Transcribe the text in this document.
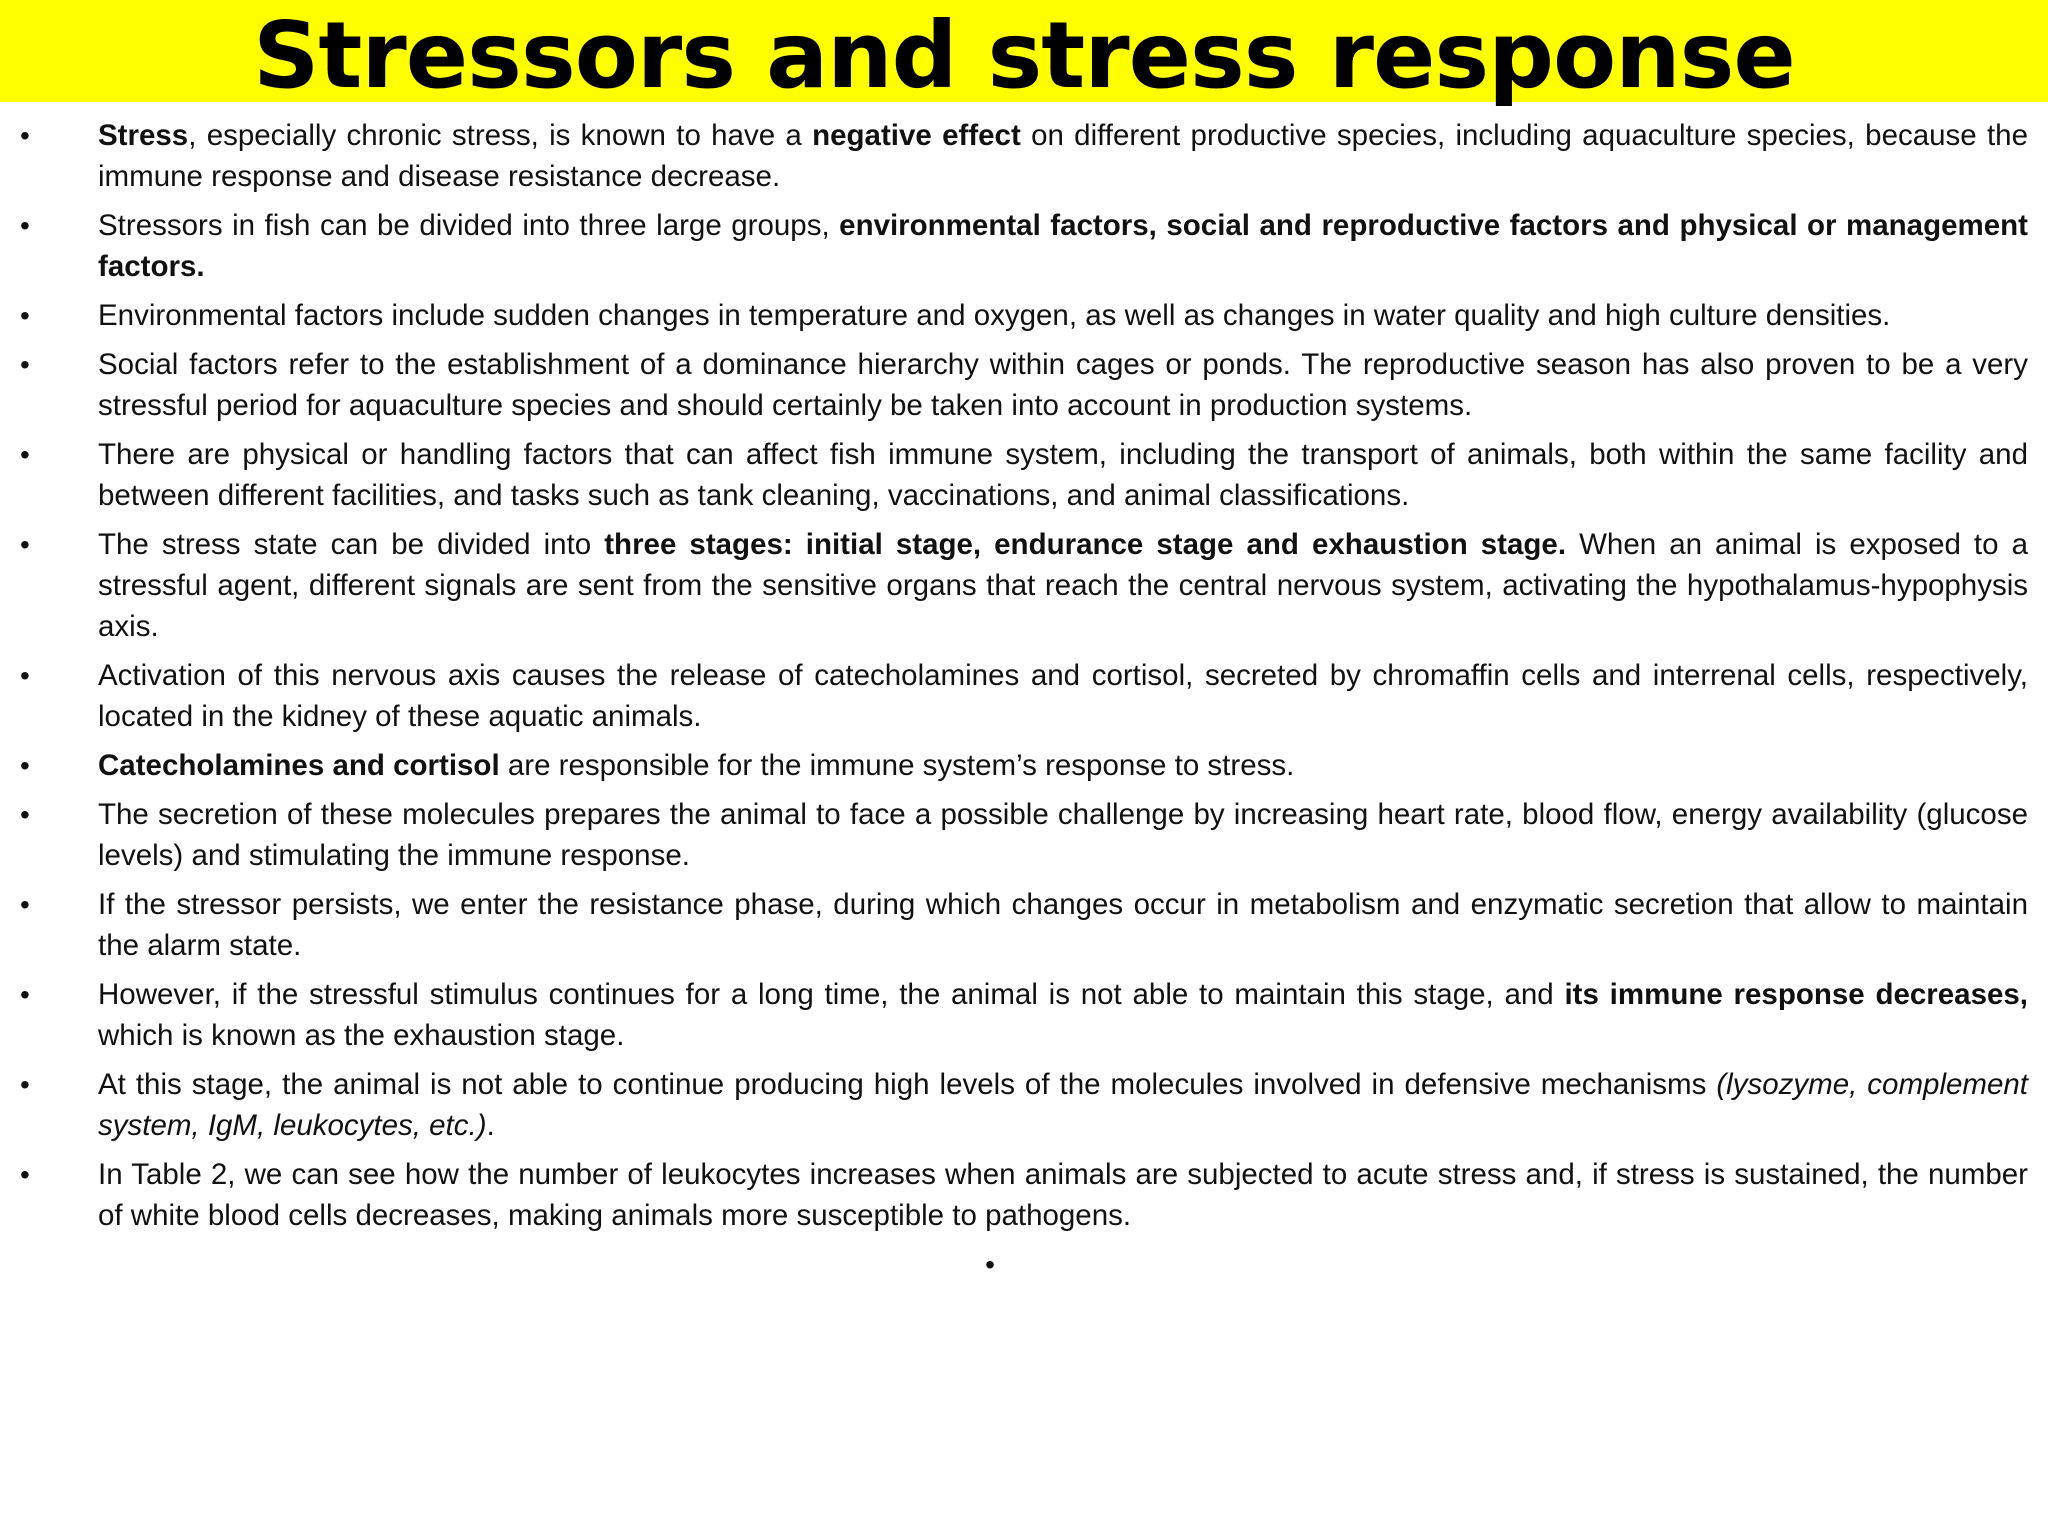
Stressors and stress response
• Stress, especially chronic stress, is known to have a negative effect on different productive species, including aquaculture species, because the immune response and disease resistance decrease.
• Stressors in fish can be divided into three large groups, environmental factors, social and reproductive factors and physical or management factors.
• Environmental factors include sudden changes in temperature and oxygen, as well as changes in water quality and high culture densities.
• Social factors refer to the establishment of a dominance hierarchy within cages or ponds. The reproductive season has also proven to be a very stressful period for aquaculture species and should certainly be taken into account in production systems.
• There are physical or handling factors that can affect fish immune system, including the transport of animals, both within the same facility and between different facilities, and tasks such as tank cleaning, vaccinations, and animal classifications.
• The stress state can be divided into three stages: initial stage, endurance stage and exhaustion stage. When an animal is exposed to a stressful agent, different signals are sent from the sensitive organs that reach the central nervous system, activating the hypothalamus-hypophysis axis.
• Activation of this nervous axis causes the release of catecholamines and cortisol, secreted by chromaffin cells and interrenal cells, respectively, located in the kidney of these aquatic animals.
• Catecholamines and cortisol are responsible for the immune system’s response to stress.
• The secretion of these molecules prepares the animal to face a possible challenge by increasing heart rate, blood flow, energy availability (glucose levels) and stimulating the immune response.
• If the stressor persists, we enter the resistance phase, during which changes occur in metabolism and enzymatic secretion that allow to maintain the alarm state.
• However, if the stressful stimulus continues for a long time, the animal is not able to maintain this stage, and its immune response decreases, which is known as the exhaustion stage.
• At this stage, the animal is not able to continue producing high levels of the molecules involved in defensive mechanisms (lysozyme, complement system, IgM, leukocytes, etc.).
• In Table 2, we can see how the number of leukocytes increases when animals are subjected to acute stress and, if stress is sustained, the number of white blood cells decreases, making animals more susceptible to pathogens.
•
